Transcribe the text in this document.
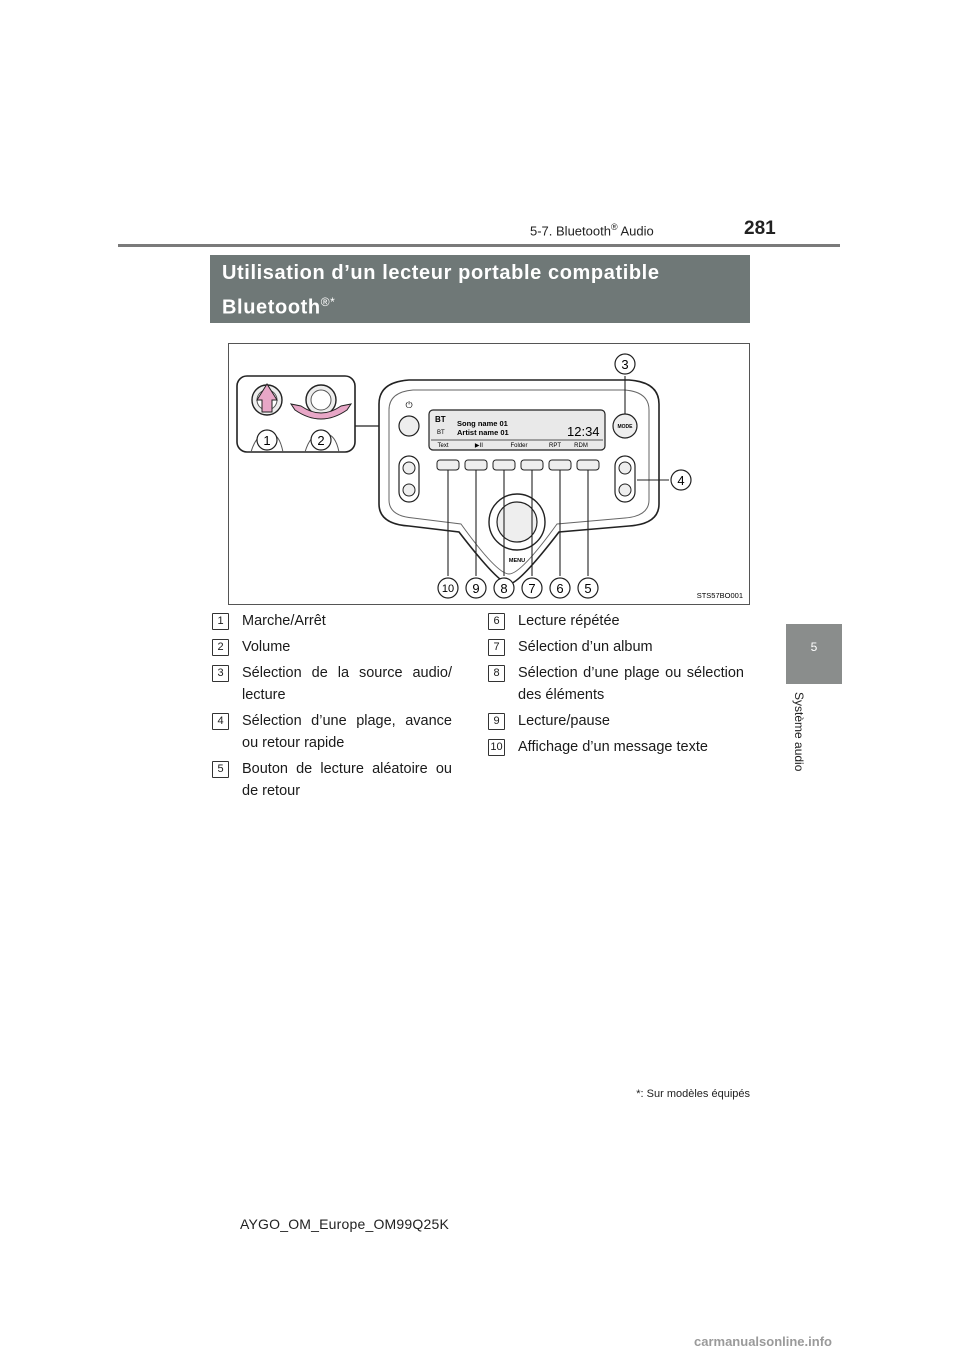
5-7. Bluetooth® Audio	281
5
Système audio
Utilisation d’un lecteur portable compatible Bluetooth®*
1	2
⏻
BT
BT
Song name 01
Artist name 01	12:34
Text	▶II	Folder	RPT RDM
MODE
MENU
3
4
5
6
7
8
9
10
STS57BO001
1	Marche/Arrêt
2	Volume
3	Sélection de la source audio/ lecture
4	Sélection d’une plage, avance ou retour rapide
5	Bouton de lecture aléatoire ou de retour
6	Lecture répétée
7	Sélection d’un album
8	Sélection d’une plage ou sélection des éléments
9	Lecture/pause
10 Affichage d’un message texte
*: Sur modèles équipés
AYGO_OM_Europe_OM99Q25K
carmanualsonline.info
